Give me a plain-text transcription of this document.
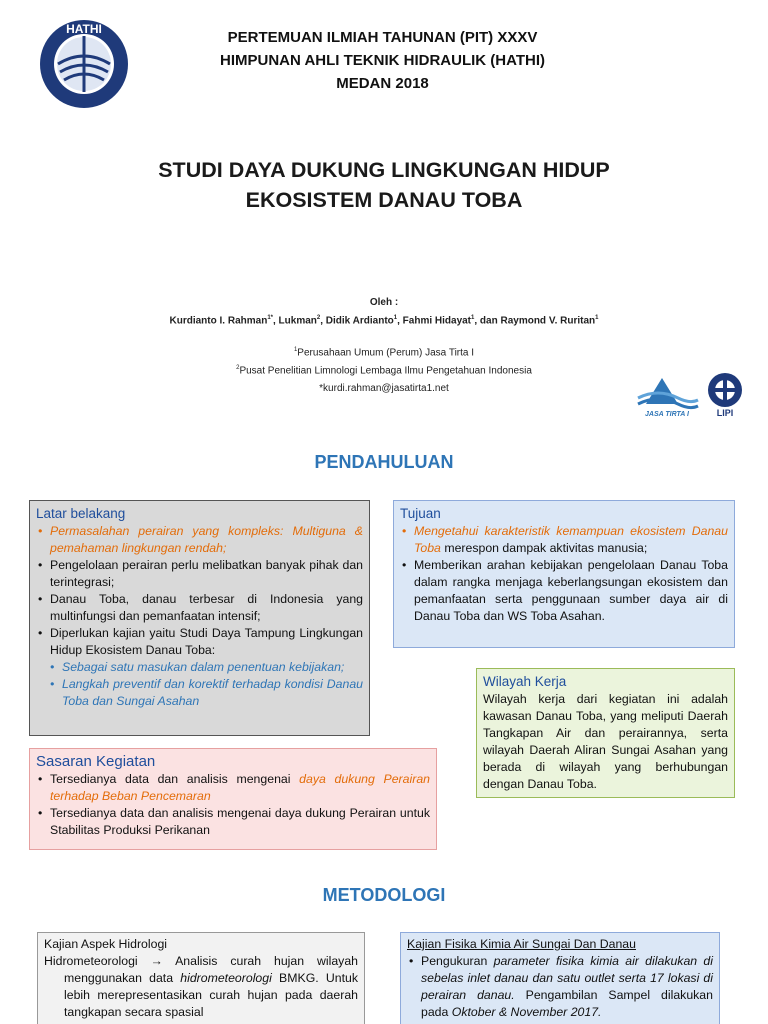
HATHI	PERTEMUAN ILMIAH TAHUNAN (PIT) XXXV
HIMPUNAN AHLI TEKNIK HIDRAULIK (HATHI)
MEDAN 2018
STUDI DAYA DUKUNG LINGKUNGAN HIDUP
EKOSISTEM DANAU TOBA
Oleh :
Kurdianto I. Rahman$^{1*}$, Lukman$^2$, Didik Ardianto$^1$, Fahmi Hidayat$^1$, dan Raymond V. Ruritan$^1$
$^1$Perusahaan Umum (Perum) Jasa Tirta I
$^2$Pusat Penelitian Limnologi Lembaga Ilmu Pengetahuan Indonesia
*kurdi.rahman@jasatirta1.net
JASA TIRTA I	LIPI
PENDAHULUAN
Latar belakang
• Permasalahan perairan yang kompleks: Multiguna & pemahaman lingkungan rendah;
• Pengelolaan perairan perlu melibatkan banyak pihak dan terintegrasi;
• Danau Toba, danau terbesar di Indonesia yang multinfungsi dan pemanfaatan intensif;
• Diperlukan kajian yaitu Studi Daya Tampung Lingkungan Hidup Ekosistem Danau Toba:
• Sebagai satu masukan dalam penentuan kebijakan;
• Langkah preventif dan korektif terhadap kondisi Danau Toba dan Sungai Asahan
Tujuan
• Mengetahui karakteristik kemampuan ekosistem Danau Toba merespon dampak aktivitas manusia;
• Memberikan arahan kebijakan pengelolaan Danau Toba dalam rangka menjaga keberlangsungan ekosistem dan pemanfaatan serta penggunaan sumber daya air di Danau Toba dan WS Toba Asahan.
Wilayah Kerja

Wilayah kerja dari kegiatan ini adalah kawasan Danau Toba, yang meliputi Daerah Tangkapan Air dan perairannya, serta wilayah Daerah Aliran Sungai Asahan yang berada di wilayah yang berhubungan dengan Danau Toba.

Sasaran Kegiatan
• Tersedianya data dan analisis mengenai daya dukung Perairan terhadap Beban Pencemaran
• Tersedianya data dan analisis mengenai daya dukung Perairan untuk Stabilitas Produksi Perikanan
METODOLOGI
Kajian Aspek Hidrologi

Hidrometeorologi → Analisis curah hujan wilayah menggunakan data hidrometeorologi BMKG. Untuk lebih merepresentasikan curah hujan pada daerah tangkapan secara spasial

Kajian Fisika Kimia Air Sungai Dan Danau
• Pengukuran parameter fisika kimia air dilakukan di sebelas inlet danau dan satu outlet serta 17 lokasi di perairan danau. Pengambilan Sampel dilakukan pada Oktober & November 2017.
